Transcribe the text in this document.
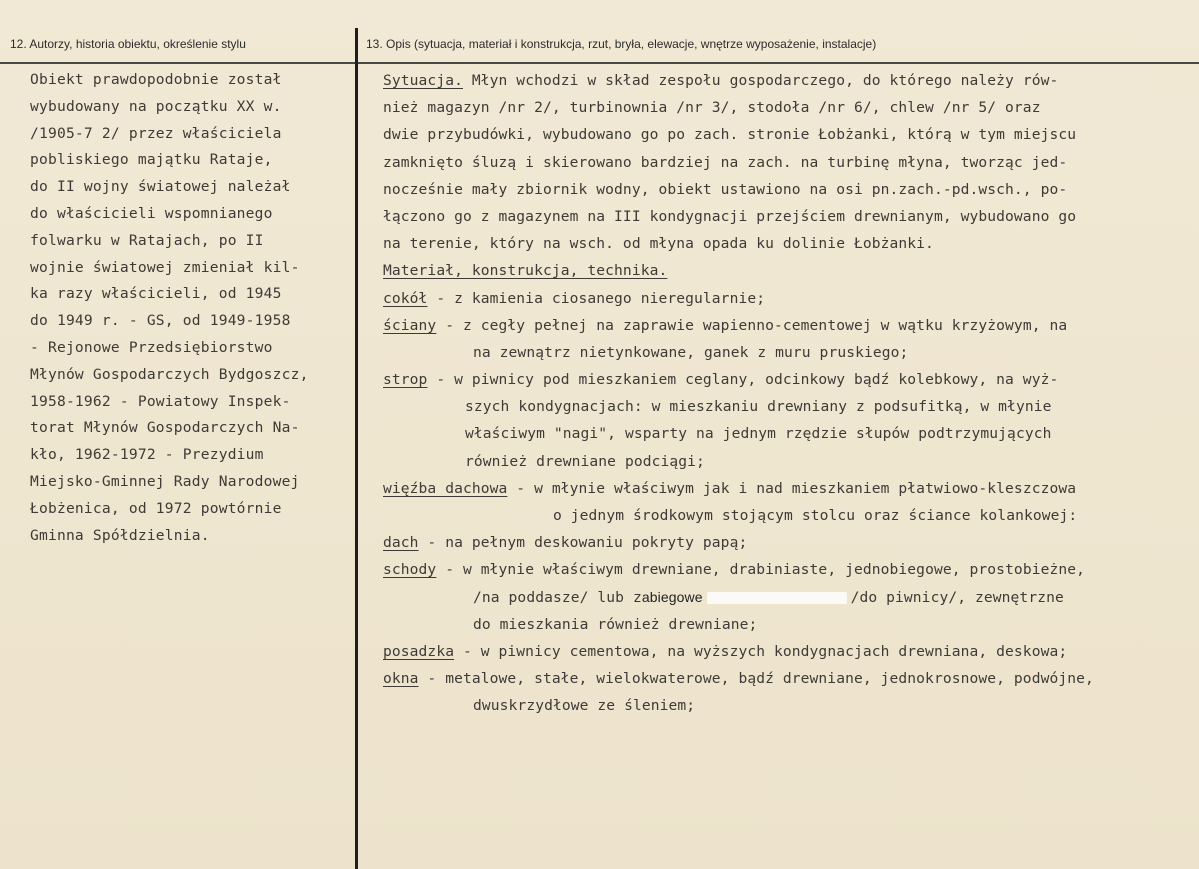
12. Autorzy, historia obiektu, określenie stylu	13. Opis (sytuacja, materiał i konstrukcja, rzut, bryła, elewacje, wnętrze wyposażenie, instalacje)
Obiekt prawdopodobnie został
wybudowany na początku XX w.
/1905-7 2/ przez właściciela
pobliskiego majątku Rataje,
do II wojny światowej należał
do właścicieli wspomnianego
folwarku w Ratajach, po II
wojnie światowej zmieniał kil-
ka razy właścicieli, od 1945
do 1949 r. - GS, od 1949-1958
- Rejonowe Przedsiębiorstwo
Młynów Gospodarczych Bydgoszcz,
1958-1962 - Powiatowy Inspek-
torat Młynów Gospodarczych Na-
kło, 1962-1972 - Prezydium
Miejsko-Gminnej Rady Narodowej
Łobżenica, od 1972 powtórnie
Gminna Spółdzielnia.
Sytuacja. Młyn wchodzi w skład zespołu gospodarczego, do którego należy rów-
nież magazyn /nr 2/, turbinownia /nr 3/, stodoła /nr 6/, chlew /nr 5/ oraz
dwie przybudówki, wybudowano go po zach. stronie Łobżanki, którą w tym miejscu
zamknięto śluzą i skierowano bardziej na zach. na turbinę młyna, tworząc jed-
nocześnie mały zbiornik wodny, obiekt ustawiono na osi pn.zach.-pd.wsch., po-
łączono go z magazynem na III kondygnacji przejściem drewnianym, wybudowano go
na terenie, który na wsch. od młyna opada ku dolinie Łobżanki.
Materiał, konstrukcja, technika.
cokół - z kamienia ciosanego nieregularnie;
ściany - z cegły pełnej na zaprawie wapienno-cementowej w wątku krzyżowym, na
na zewnątrz nietynkowane, ganek z muru pruskiego;
strop - w piwnicy pod mieszkaniem ceglany, odcinkowy bądź kolebkowy, na wyż-
szych kondygnacjach: w mieszkaniu drewniany z podsufitką, w młynie
właściwym "nagi", wsparty na jednym rzędzie słupów podtrzymujących
również drewniane podciągi;
więźba dachowa - w młynie właściwym jak i nad mieszkaniem płatwiowo-kleszczowa
o jednym środkowym stojącym stolcu oraz ściance kolankowej:
dach - na pełnym deskowaniu pokryty papą;
schody - w młynie właściwym drewniane, drabiniaste, jednobiegowe, prostobieżne,
/na poddasze/ lub zabiegowe	/do piwnicy/, zewnętrzne
do mieszkania również drewniane;
posadzka - w piwnicy cementowa, na wyższych kondygnacjach drewniana, deskowa;
okna - metalowe, stałe, wielokwaterowe, bądź drewniane, jednokrosnowe, podwójne,
dwuskrzydłowe ze śleniem;
